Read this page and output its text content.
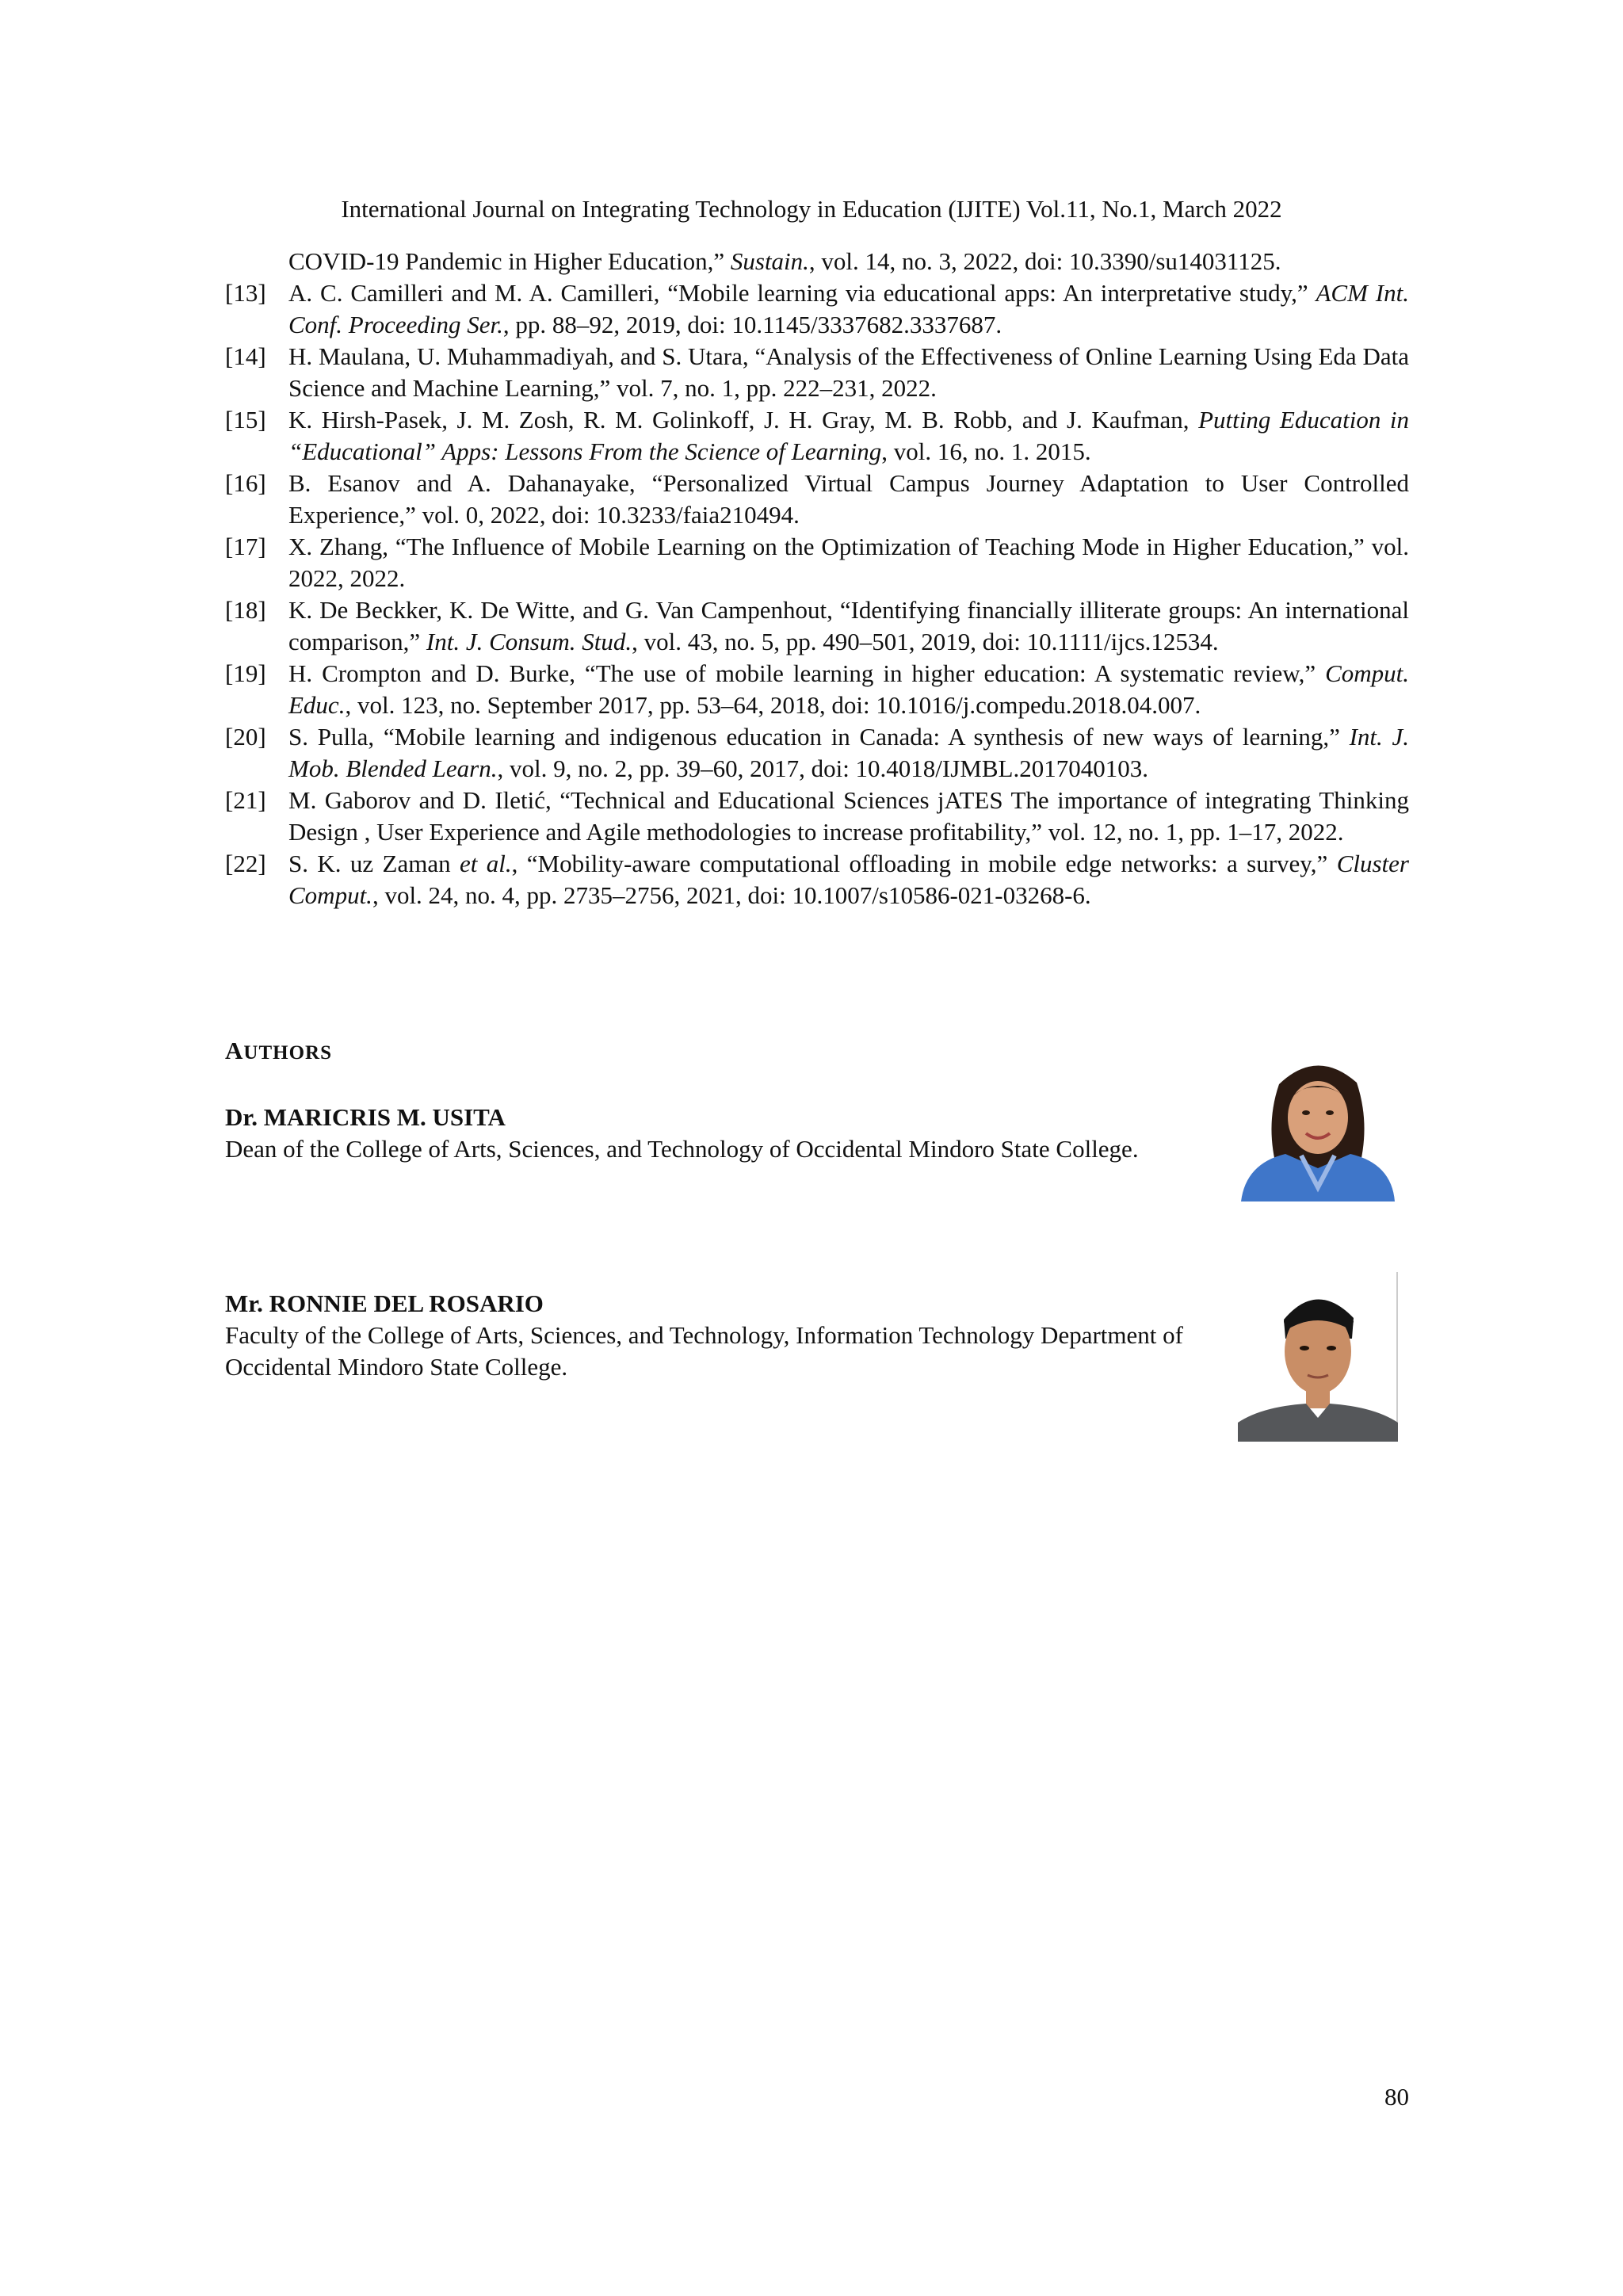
International Journal on Integrating Technology in Education (IJITE) Vol.11, No.1, March 2022
COVID-19 Pandemic in Higher Education,” Sustain., vol. 14, no. 3, 2022, doi: 10.3390/su14031125.
[13] A. C. Camilleri and M. A. Camilleri, “Mobile learning via educational apps: An interpretative study,” ACM Int. Conf. Proceeding Ser., pp. 88–92, 2019, doi: 10.1145/3337682.3337687.
[14] H. Maulana, U. Muhammadiyah, and S. Utara, “Analysis of the Effectiveness of Online Learning Using Eda Data Science and Machine Learning,” vol. 7, no. 1, pp. 222–231, 2022.
[15] K. Hirsh-Pasek, J. M. Zosh, R. M. Golinkoff, J. H. Gray, M. B. Robb, and J. Kaufman, Putting Education in “Educational” Apps: Lessons From the Science of Learning, vol. 16, no. 1. 2015.
[16] B. Esanov and A. Dahanayake, “Personalized Virtual Campus Journey Adaptation to User Controlled Experience,” vol. 0, 2022, doi: 10.3233/faia210494.
[17] X. Zhang, “The Influence of Mobile Learning on the Optimization of Teaching Mode in Higher Education,” vol. 2022, 2022.
[18] K. De Beckker, K. De Witte, and G. Van Campenhout, “Identifying financially illiterate groups: An international comparison,” Int. J. Consum. Stud., vol. 43, no. 5, pp. 490–501, 2019, doi: 10.1111/ijcs.12534.
[19] H. Crompton and D. Burke, “The use of mobile learning in higher education: A systematic review,” Comput. Educ., vol. 123, no. September 2017, pp. 53–64, 2018, doi: 10.1016/j.compedu.2018.04.007.
[20] S. Pulla, “Mobile learning and indigenous education in Canada: A synthesis of new ways of learning,” Int. J. Mob. Blended Learn., vol. 9, no. 2, pp. 39–60, 2017, doi: 10.4018/IJMBL.2017040103.
[21] M. Gaborov and D. Iletić, “Technical and Educational Sciences jATES The importance of integrating Thinking Design , User Experience and Agile methodologies to increase profitability,” vol. 12, no. 1, pp. 1–17, 2022.
[22] S. K. uz Zaman et al., “Mobility-aware computational offloading in mobile edge networks: a survey,” Cluster Comput., vol. 24, no. 4, pp. 2735–2756, 2021, doi: 10.1007/s10586-021-03268-6.
AUTHORS
Dr. MARICRIS M. USITA
Dean of the College of Arts, Sciences, and Technology of Occidental Mindoro State College.
Mr. RONNIE DEL ROSARIO
Faculty of the College of Arts, Sciences, and Technology, Information Technology Department of Occidental Mindoro State College.
80
